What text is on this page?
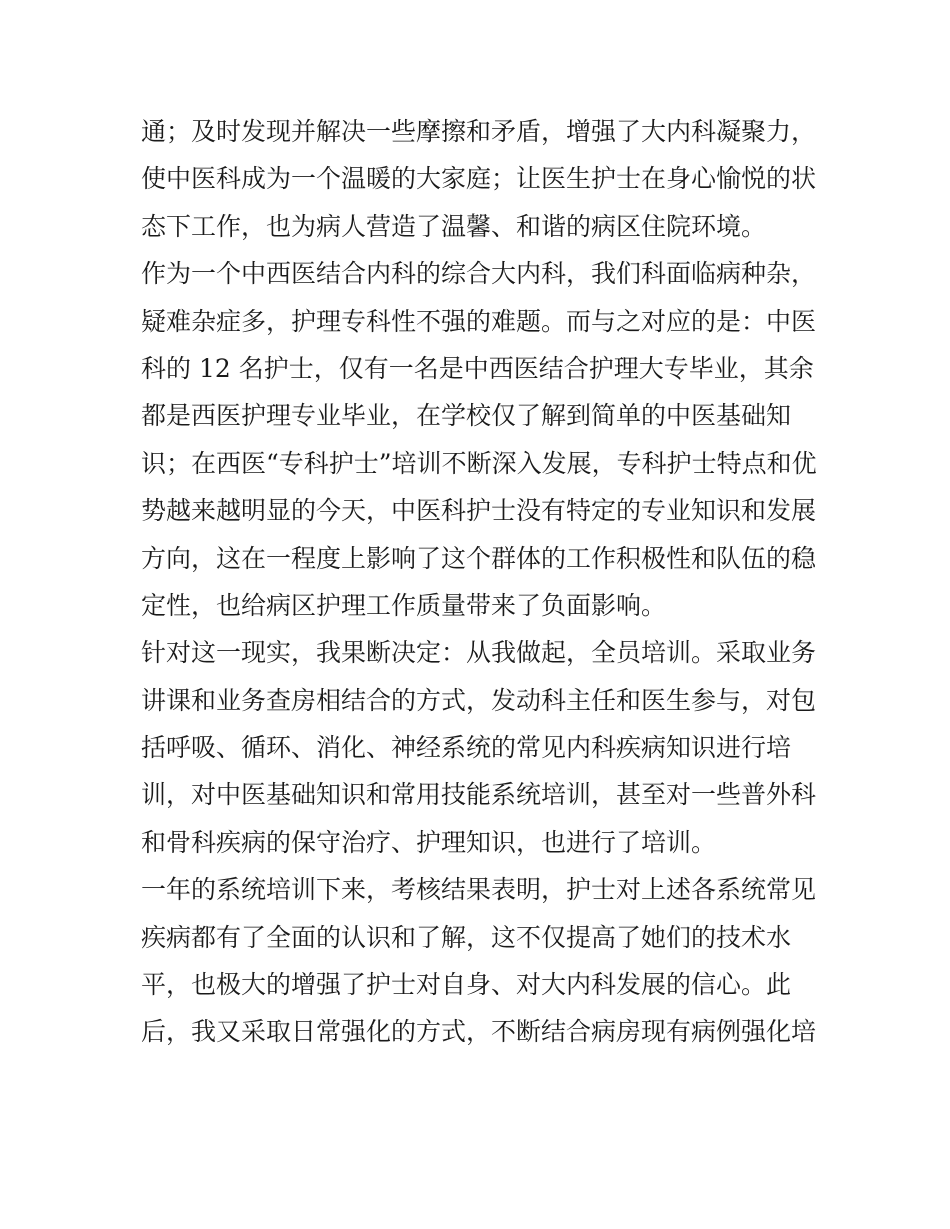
通；及时发现并解决一些摩擦和矛盾，增强了大内科凝聚力，
使中医科成为一个温暖的大家庭；让医生护士在身心愉悦的状
态下工作，也为病人营造了温馨、和谐的病区住院环境。
作为一个中西医结合内科的综合大内科，我们科面临病种杂，
疑难杂症多，护理专科性不强的难题。而与之对应的是：中医
科的 12 名护士，仅有一名是中西医结合护理大专毕业，其余
都是西医护理专业毕业，在学校仅了解到简单的中医基础知
识；在西医“专科护士”培训不断深入发展，专科护士特点和优
势越来越明显的今天，中医科护士没有特定的专业知识和发展
方向，这在一程度上影响了这个群体的工作积极性和队伍的稳
定性，也给病区护理工作质量带来了负面影响。
针对这一现实，我果断决定：从我做起，全员培训。采取业务
讲课和业务查房相结合的方式，发动科主任和医生参与，对包
括呼吸、循环、消化、神经系统的常见内科疾病知识进行培
训，对中医基础知识和常用技能系统培训，甚至对一些普外科
和骨科疾病的保守治疗、护理知识，也进行了培训。
一年的系统培训下来，考核结果表明，护士对上述各系统常见
疾病都有了全面的认识和了解，这不仅提高了她们的技术水
平，也极大的增强了护士对自身、对大内科发展的信心。此
后，我又采取日常强化的方式，不断结合病房现有病例强化培
